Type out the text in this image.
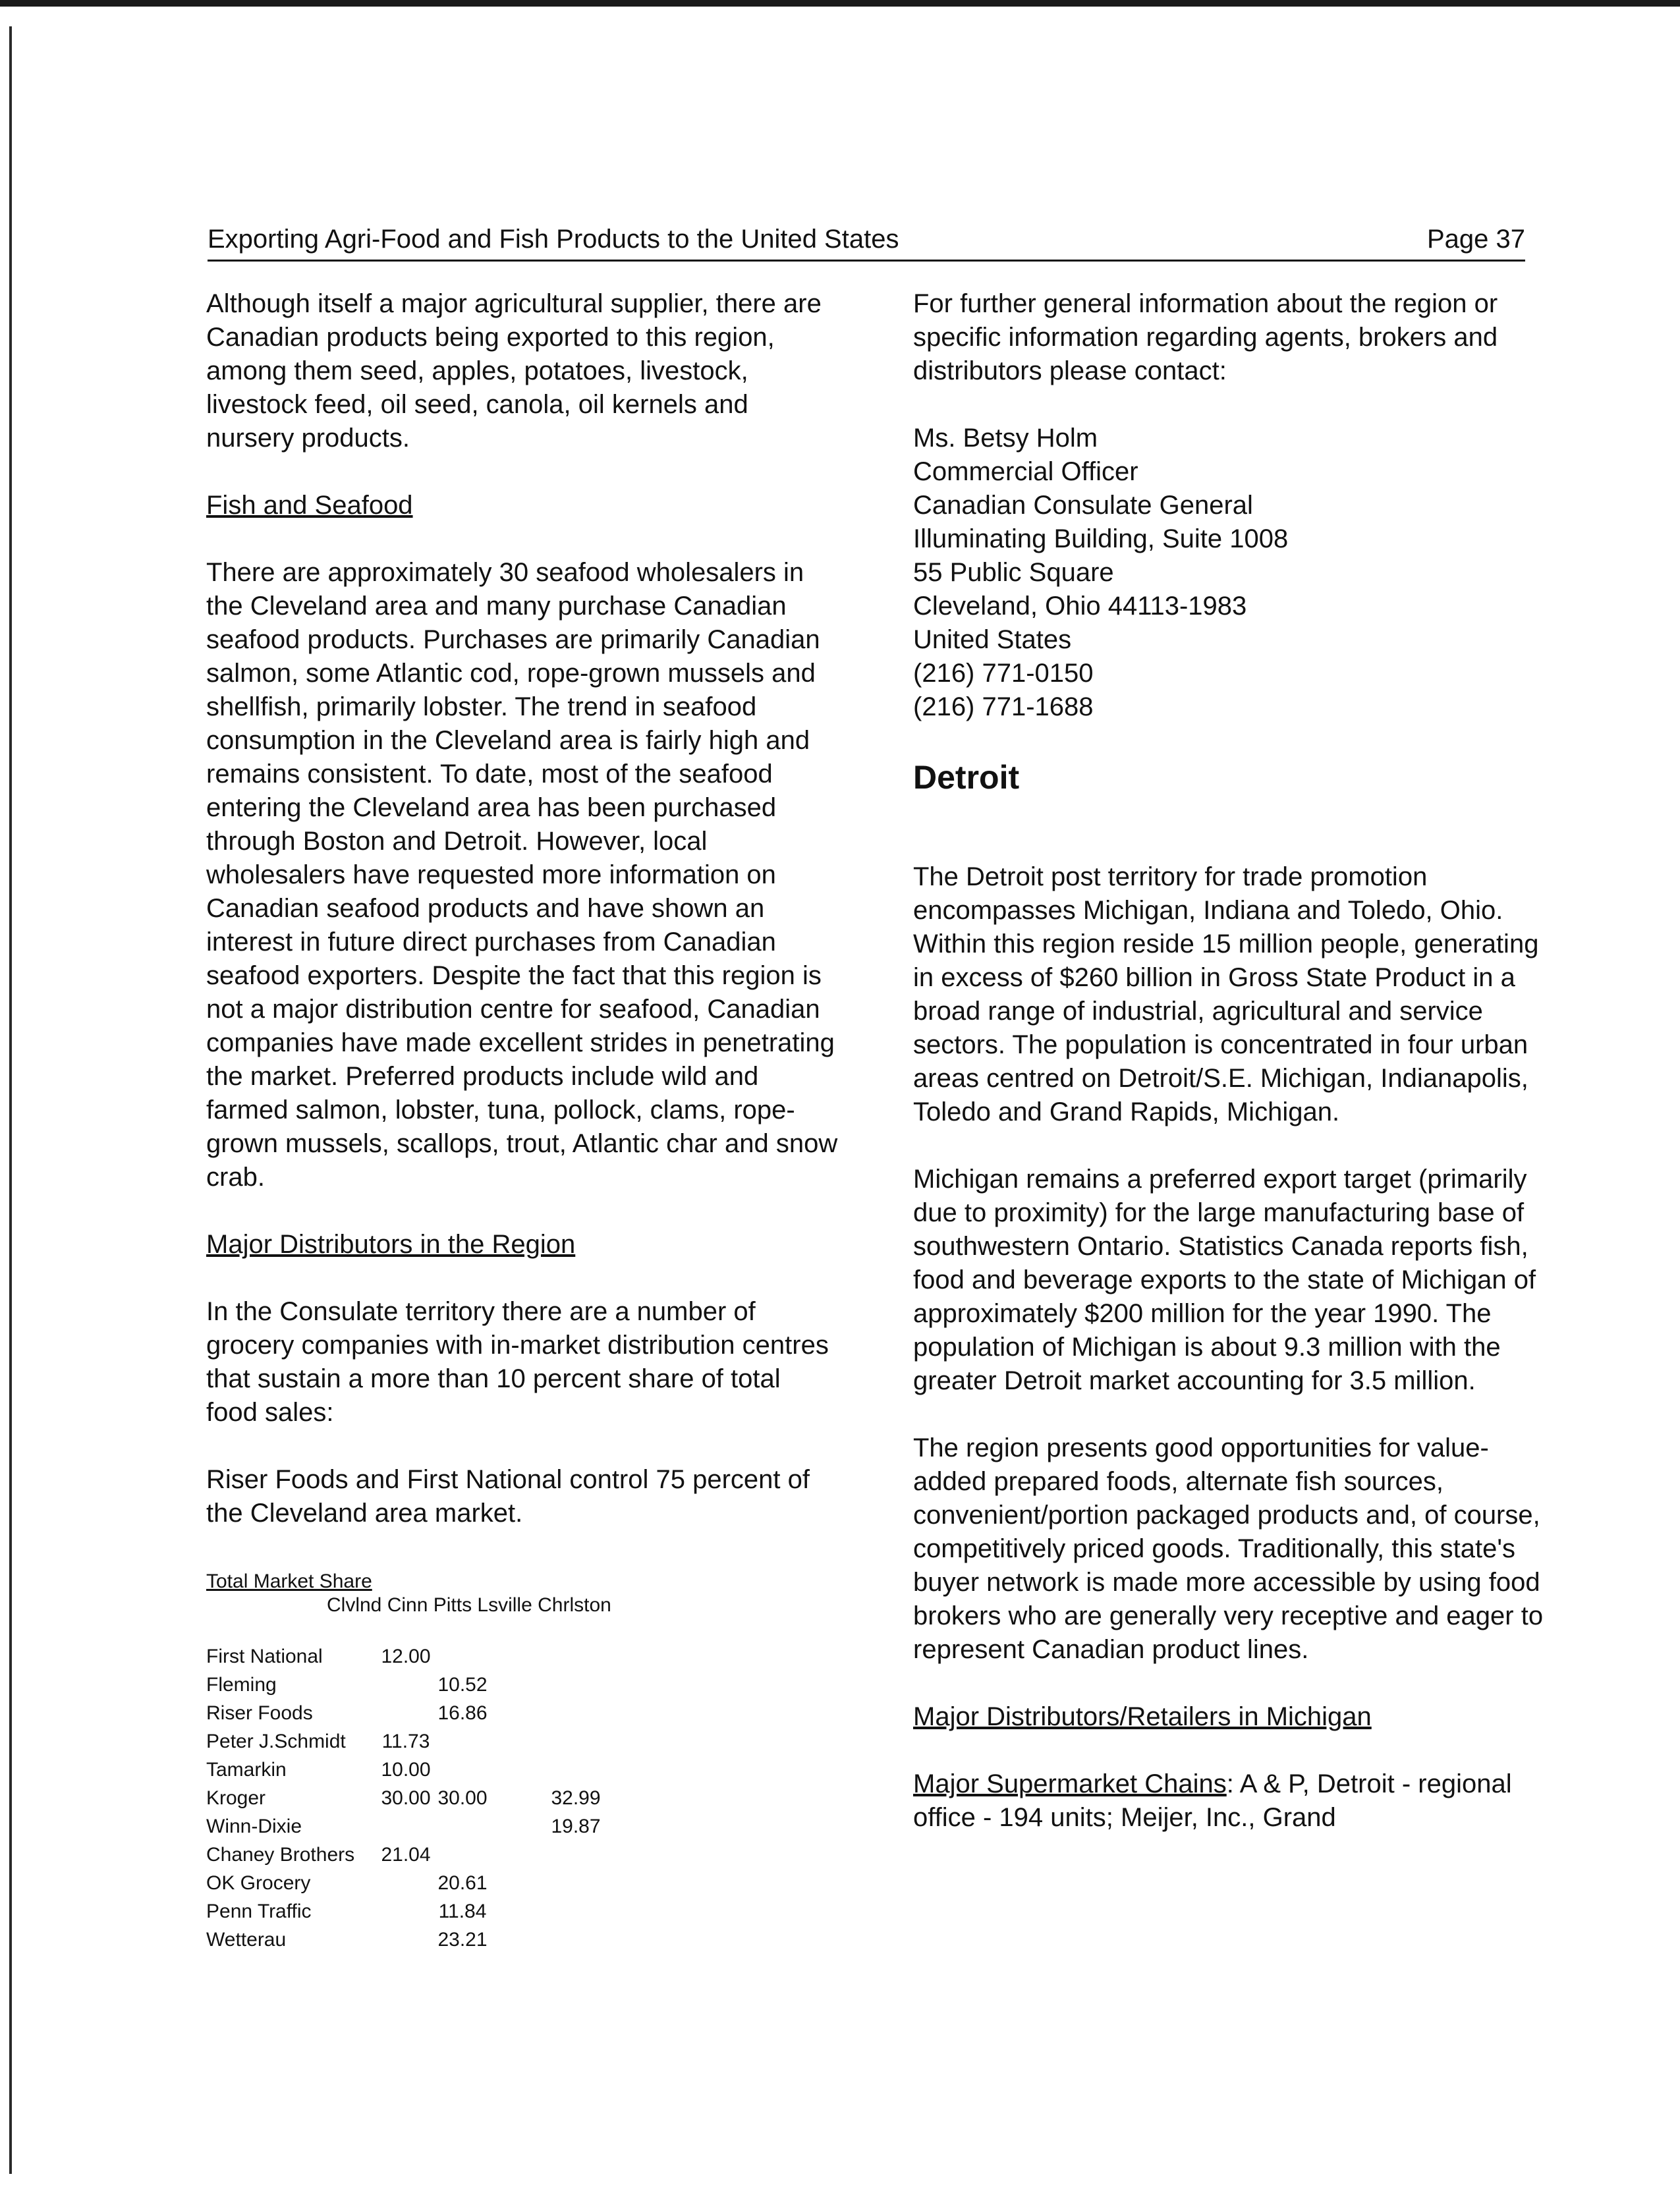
Exporting Agri-Food and Fish Products to the United States	Page 37

Although itself a major agricultural supplier, there are Canadian products being exported to this region, among them seed, apples, potatoes, livestock, livestock feed, oil seed, canola, oil kernels and nursery products.

Fish and Seafood

There are approximately 30 seafood wholesalers in the Cleveland area and many purchase Canadian seafood products. Purchases are primarily Canadian salmon, some Atlantic cod, rope-grown mussels and shellfish, primarily lobster. The trend in seafood consumption in the Cleveland area is fairly high and remains consistent. To date, most of the seafood entering the Cleveland area has been purchased through Boston and Detroit. However, local wholesalers have requested more information on Canadian seafood products and have shown an interest in future direct purchases from Canadian seafood exporters. Despite the fact that this region is not a major distribution centre for seafood, Canadian companies have made excellent strides in penetrating the market. Preferred products include wild and farmed salmon, lobster, tuna, pollock, clams, rope-grown mussels, scallops, trout, Atlantic char and snow crab.

Major Distributors in the Region

In the Consulate territory there are a number of grocery companies with in-market distribution centres that sustain a more than 10 percent share of total food sales:

Riser Foods and First National control 75 percent of the Cleveland area market.

Total Market Share
Clvlnd Cinn Pitts Lsville Chrlston
First National	12.00				
Fleming		10.52			
Riser Foods		16.86			
Peter J.Schmidt	11.73				
Tamarkin	10.00				
Kroger	30.00	30.00		32.99	
Winn-Dixie				19.87	
Chaney Brothers	21.04				
OK Grocery		20.61			
Penn Traffic		11.84			
Wetterau		23.21			

For further general information about the region or specific information regarding agents, brokers and distributors please contact:

Ms. Betsy Holm
Commercial Officer
Canadian Consulate General
Illuminating Building, Suite 1008
55 Public Square
Cleveland, Ohio 44113-1983
United States
(216) 771-0150
(216) 771-1688

Detroit

The Detroit post territory for trade promotion encompasses Michigan, Indiana and Toledo, Ohio. Within this region reside 15 million people, generating in excess of $260 billion in Gross State Product in a broad range of industrial, agricultural and service sectors. The population is concentrated in four urban areas centred on Detroit/S.E. Michigan, Indianapolis, Toledo and Grand Rapids, Michigan.

Michigan remains a preferred export target (primarily due to proximity) for the large manufacturing base of southwestern Ontario. Statistics Canada reports fish, food and beverage exports to the state of Michigan of approximately $200 million for the year 1990. The population of Michigan is about 9.3 million with the greater Detroit market accounting for 3.5 million.

The region presents good opportunities for value-added prepared foods, alternate fish sources, convenient/portion packaged products and, of course, competitively priced goods. Traditionally, this state's buyer network is made more accessible by using food brokers who are generally very receptive and eager to represent Canadian product lines.

Major Distributors/Retailers in Michigan

Major Supermarket Chains: A & P, Detroit - regional office - 194 units; Meijer, Inc., Grand
